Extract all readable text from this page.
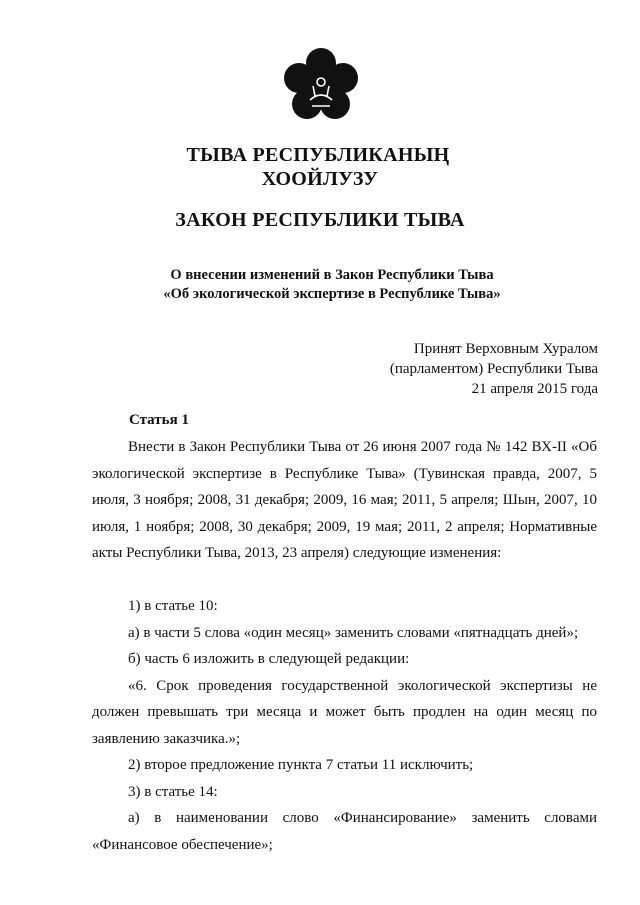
ТЫВА РЕСПУБЛИКАНЫҢ
ХООЙЛУЗУ
ЗАКОН РЕСПУБЛИКИ ТЫВА
О внесении изменений в Закон Республики Тыва
«Об экологической экспертизе в Республике Тыва»
Принят Верховным Хуралом
(парламентом) Республики Тыва
21 апреля 2015 года
Статья 1

Внести в Закон Республики Тыва от 26 июня 2007 года № 142 ВХ-II «Об экологической экспертизе в Республике Тыва» (Тувинская правда, 2007, 5 июля, 3 ноября; 2008, 31 декабря; 2009, 16 мая; 2011, 5 апреля; Шын, 2007, 10 июля, 1 ноября; 2008, 30 декабря; 2009, 19 мая; 2011, 2 апреля; Нормативные акты Республики Тыва, 2013, 23 апреля) следующие изменения:

1) в статье 10:

а) в части 5 слова «один месяц» заменить словами «пятнадцать дней»;

б) часть 6 изложить в следующей редакции:

«6. Срок проведения государственной экологической экспертизы не должен превышать три месяца и может быть продлен на один месяц по заявлению заказчика.»;

2) второе предложение пункта 7 статьи 11 исключить;

3) в статье 14:

а) в наименовании слово «Финансирование» заменить словами «Финансовое обеспечение»;
